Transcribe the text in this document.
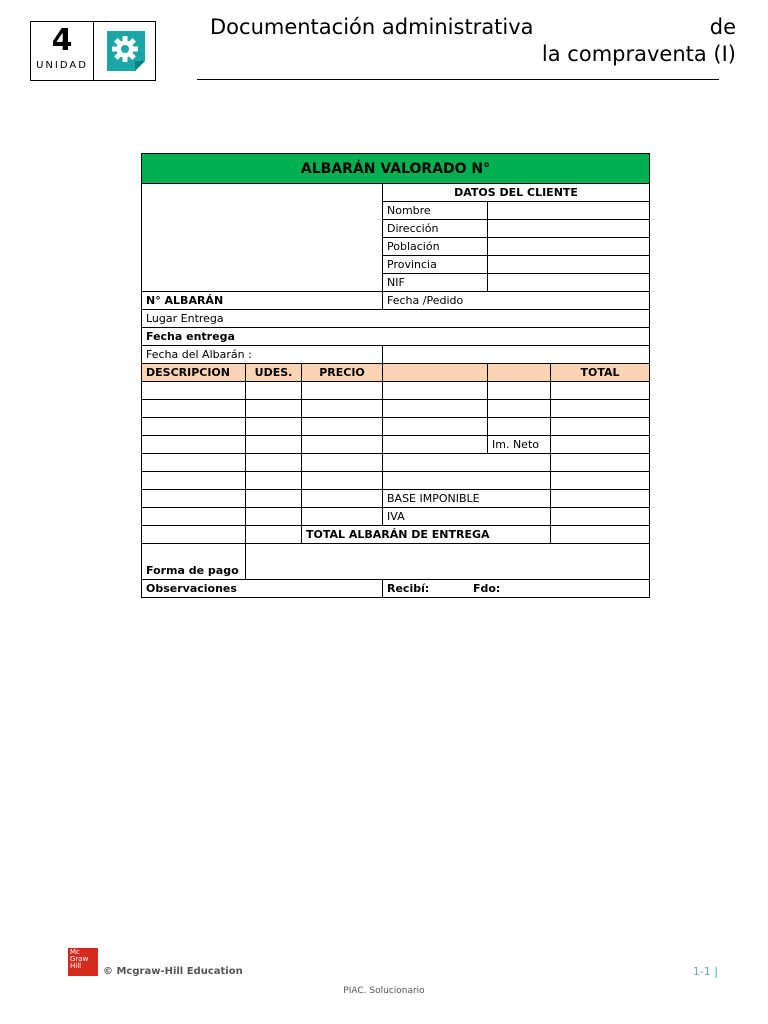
4
UNIDAD
Documentación administrativa	de
la compraventa (I)
ALBARÁN VALORADO N°					
			DATOS DEL CLIENTE		
			Nombre		
			Dirección		
			Población		
			Provincia		
			NIF		
N° ALBARÁN			Fecha /Pedido		
Lugar Entrega					
Fecha entrega					
Fecha del Albarán :					
DESCRIPCION	UDES.	PRECIO			TOTAL

				Im. Neto	

			BASE IMPONIBLE		
			IVA		
		TOTAL ALBARÁN DE ENTREGA			
Forma de pago					
Observaciones			Recibí: Fdo:		
Mc
Graw
Hill	© Mcgraw-Hill Education	1-1 |
PIAC. Solucionario
